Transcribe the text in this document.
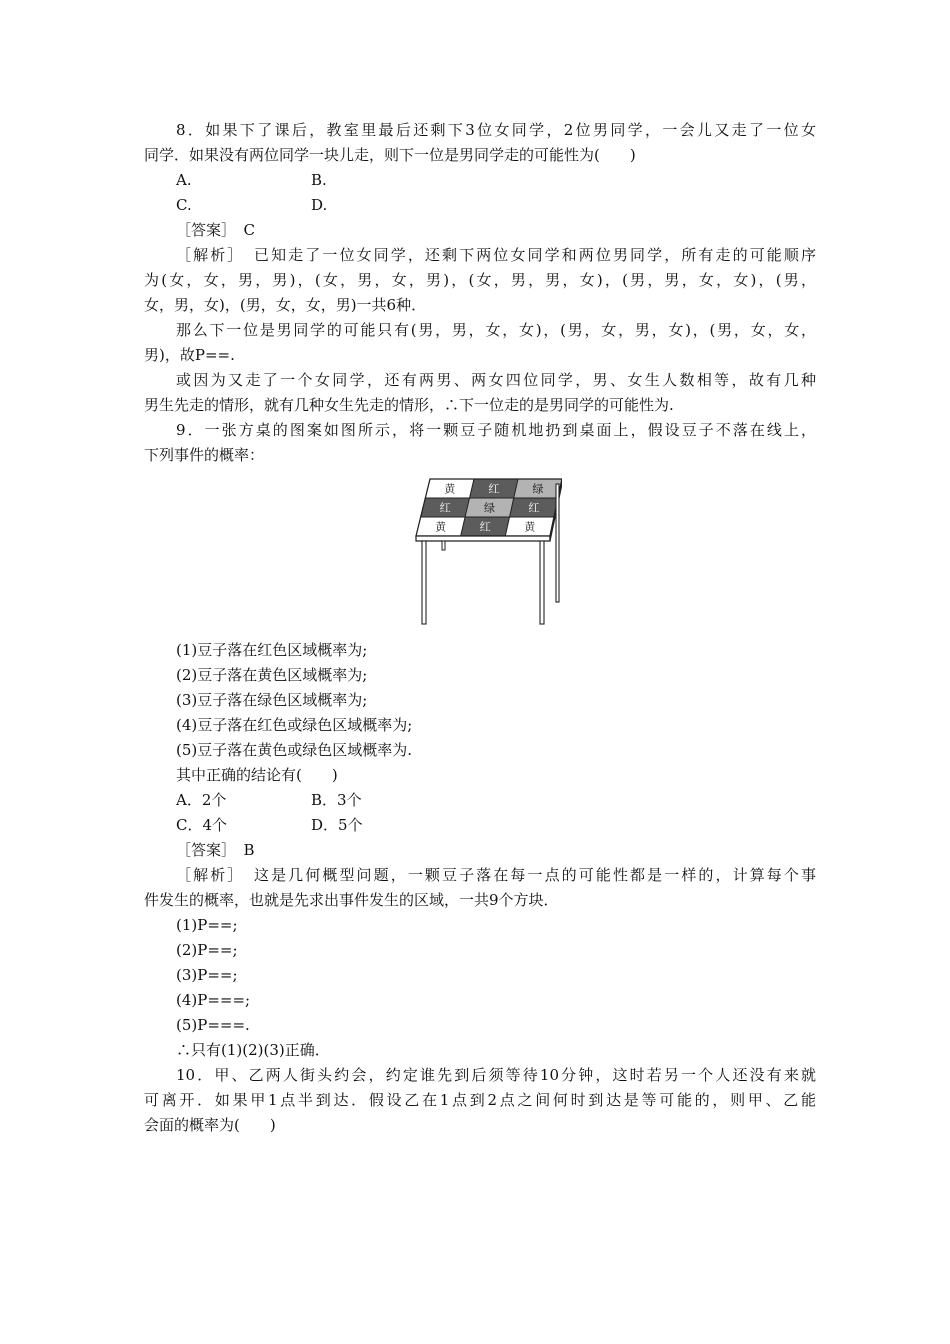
8．如果下了课后，教室里最后还剩下3位女同学，2位男同学，一会儿又走了一位女
同学．如果没有两位同学一块儿走，则下一位是男同学走的可能性为(　　)
A.	B.
C.	D.
［答案］　C
［解析］　已知走了一位女同学，还剩下两位女同学和两位男同学，所有走的可能顺序
为(女，女，男，男)，(女，男，女，男)，(女，男，男，女)，(男，男，女，女)，(男，
女，男，女)，(男，女，女，男)一共6种．
那么下一位是男同学的可能只有(男，男，女，女)，(男，女，男，女)，(男，女，女，
男)，故P==.
或因为又走了一个女同学，还有两男、两女四位同学，男、女生人数相等，故有几种
男生先走的情形，就有几种女生先走的情形，∴下一位走的是男同学的可能性为.
9．一张方桌的图案如图所示，将一颗豆子随机地扔到桌面上，假设豆子不落在线上，
下列事件的概率：
黄	红	绿
红	绿	红
黄	红	黄
(1)豆子落在红色区域概率为;
(2)豆子落在黄色区域概率为;
(3)豆子落在绿色区域概率为;
(4)豆子落在红色或绿色区域概率为;
(5)豆子落在黄色或绿色区域概率为.
其中正确的结论有(　　)
A．2个	B．3个
C．4个	D．5个
［答案］　B
［解析］　这是几何概型问题，一颗豆子落在每一点的可能性都是一样的，计算每个事
件发生的概率，也就是先求出事件发生的区域，一共9个方块．
(1)P==;
(2)P==;
(3)P==;
(4)P===;
(5)P===.
∴只有(1)(2)(3)正确．
10．甲、乙两人街头约会，约定谁先到后须等待10分钟，这时若另一个人还没有来就
可离开．如果甲1点半到达．假设乙在1点到2点之间何时到达是等可能的，则甲、乙能
会面的概率为(　　)
